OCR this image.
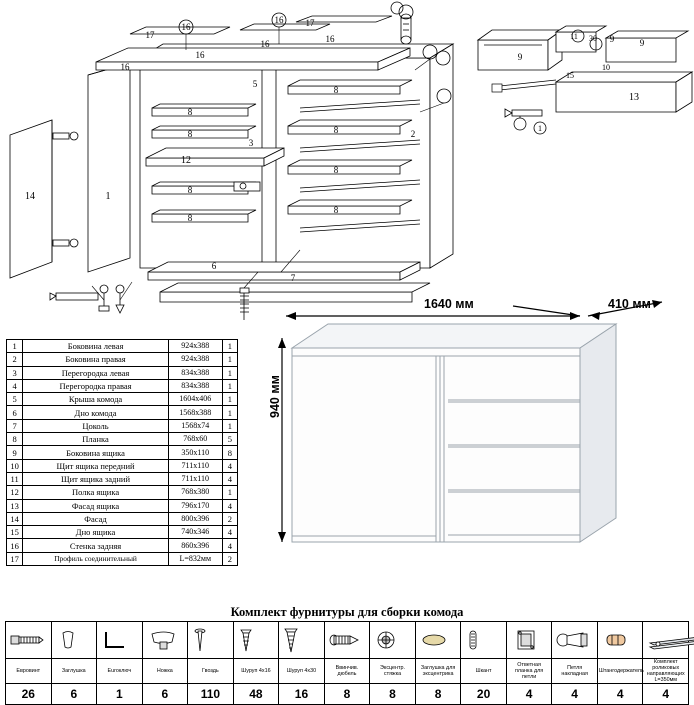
17
16
16
16
16
17
16
16
14	1
12
3
5
6
7
2
8
8
8
8
8
8
8
8
11 30 9	9
9
15
10
13
1
1640 мм	410 мм
940 мм
1	Боковина левая	924x388	1
2	Боковина правая	924x388	1
3	Перегородка левая	834x388	1
4	Перегородка правая	834x388	1
5	Крыша комода	1604x406	1
6	Дно комода	1568x388	1
7	Цоколь	1568x74	1
8	Планка	768x60	5
9	Боковина ящика	350x110	8
10	Щит ящика передний	711x110	4
11	Щит ящика задний	711x110	4
12	Полка ящика	768x380	1
13	Фасад ящика	796x170	4
14	Фасад	800x396	2
15	Дно ящика	740x346	4
16	Стенка задняя	860x396	4
17	Профиль соединительный	L=832мм	2
Комплект фурнитуры для сборки комода

Евровинт	Заглушка	Euroключ	Ножка	Гвоздь	Шуруп 4х16	Шуруп 4х30	Ввинчив. дюбель	Эксцентр. стяжка	Заглушка для эксцентрика	Шкант	Ответная планка для петли	Петля накладная	Штангодержатель	Комплект роликовых направляющих L=350мм
26	6	1	6	110	48	16	8	8	8	20	4	4	4	4
